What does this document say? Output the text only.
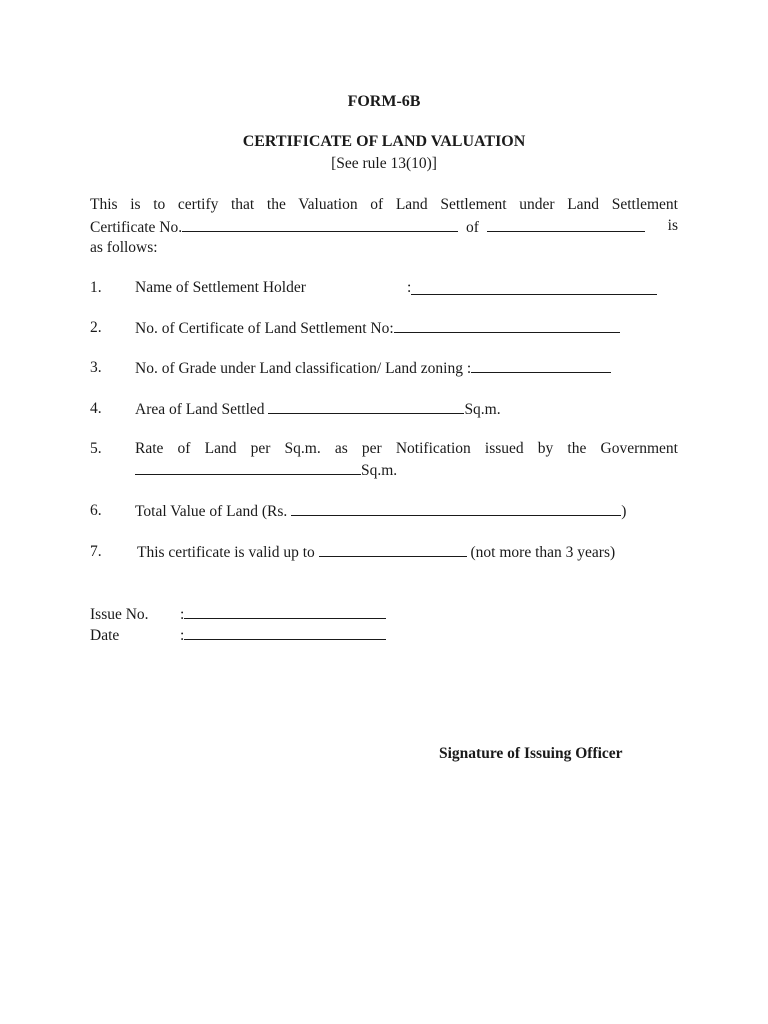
FORM-6B
CERTIFICATE OF LAND VALUATION
[See rule 13(10)]
This is to certify that the Valuation of Land Settlement under Land Settlement
Certificate No.	of	is
as follows:
1. Name of Settlement Holder	:
2. No. of Certificate of Land Settlement No:
3. No. of Grade under Land classification/ Land zoning :
4. Area of Land Settled	Sq.m.
5. Rate of Land per Sq.m. as per Notification issued by the Government
Sq.m.
6. Total Value of Land (Rs.	)
7. This certificate is valid up to	(not more than 3 years)
Issue No. :
Date	:
Signature of Issuing Officer
